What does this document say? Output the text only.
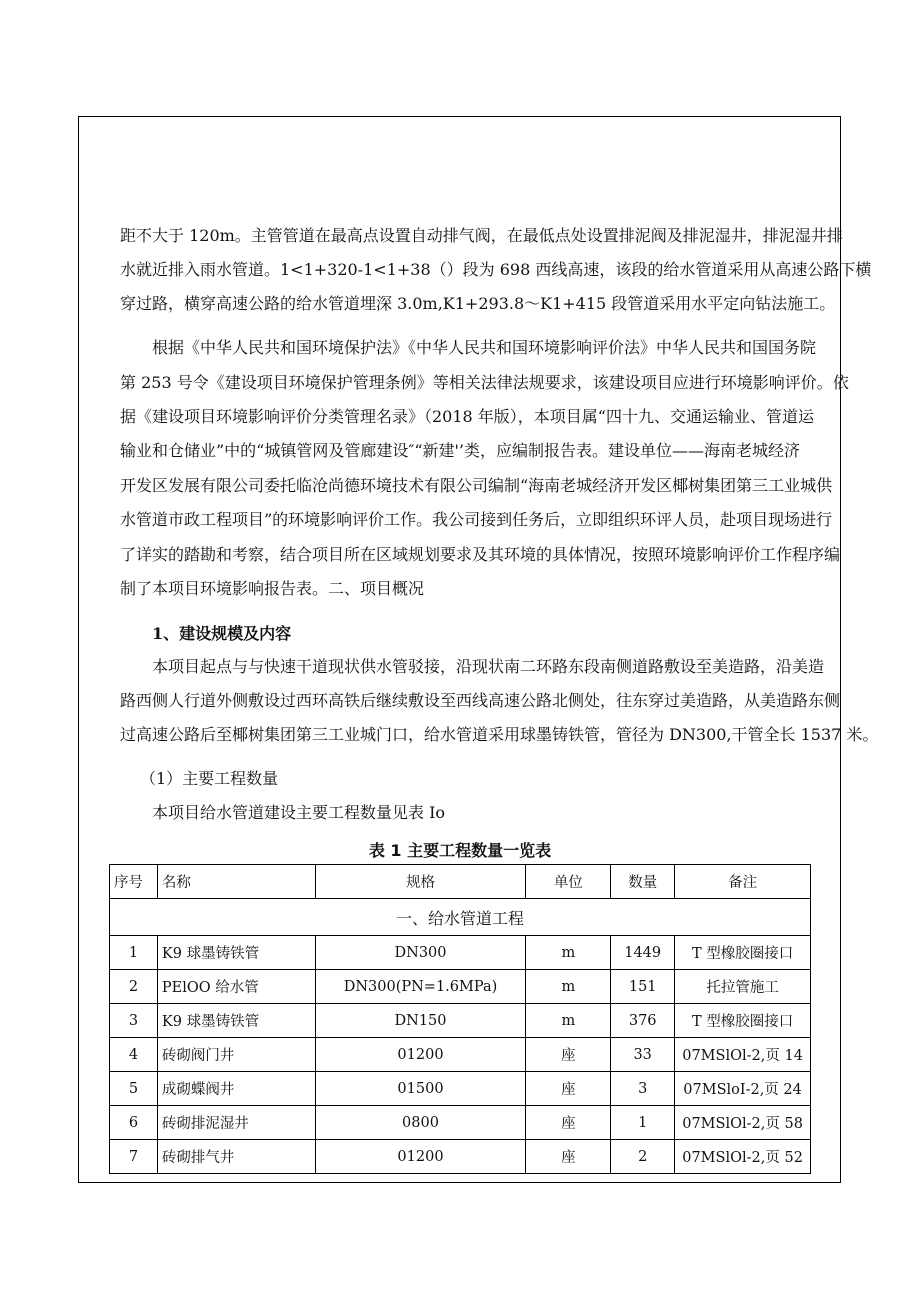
距不大于 120m。主管管道在最高点设置自动排气阀，在最低点处设置排泥阀及排泥湿井，排泥湿井排
水就近排入雨水管道。1<1+320-1<1+38（）段为 698 西线高速，该段的给水管道采用从高速公路下横
穿过路，横穿高速公路的给水管道埋深 3.0m,K1+293.8～K1+415 段管道采用水平定向钻法施工。
根据《中华人民共和国环境保护法》《中华人民共和国环境影响评价法》中华人民共和国国务院
第 253 号令《建设项目环境保护管理条例》等相关法律法规要求，该建设项目应进行环境影响评价。依
据《建设项目环境影响评价分类管理名录》（2018 年版），本项目属“四十九、交通运输业、管道运
输业和仓储业”中的“城镇管网及管廊建设″“新建'’类，应编制报告表。建设单位——海南老城经济
开发区发展有限公司委托临沧尚德环境技术有限公司编制“海南老城经济开发区椰树集团第三工业城供
水管道市政工程项目”的环境影响评价工作。我公司接到任务后，立即组织环评人员，赴项目现场进行
了详实的踏勘和考察，结合项目所在区域规划要求及其环境的具体情况，按照环境影响评价工作程序编
制了本项目环境影响报告表。二、项目概况
1、建设规模及内容
本项目起点与与快速干道现状供水管驳接，沿现状南二环路东段南侧道路敷设至美造路，沿美造
路西侧人行道外侧敷设过西环高铁后继续敷设至西线高速公路北侧处，往东穿过美造路，从美造路东侧
过高速公路后至椰树集团第三工业城门口，给水管道采用球墨铸铁管，管径为 DN300,干管全长 1537 米。
（1）主要工程数量
本项目给水管道建设主要工程数量见表 Io
表 1 主要工程数量一览表
序号	名称	规格	单位	数量	备注
一、给水管道工程					
1	K9 球墨铸铁管	DN300	m	1449	T 型橡胶圈接口
2	PElOO 给水管	DN300(PN=1.6MPa)	m	151	托拉管施工
3	K9 球墨铸铁管	DN150	m	376	T 型橡胶圈接口
4	砖砌阀门井	01200	座	33	07MSlOl-2,页 14
5	成砌蝶阀井	01500	座	3	07MSloI-2,页 24
6	砖砌排泥湿井	0800	座	1	07MSlOl-2,页 58
7	砖砌排气井	01200	座	2	07MSlOl-2,页 52
